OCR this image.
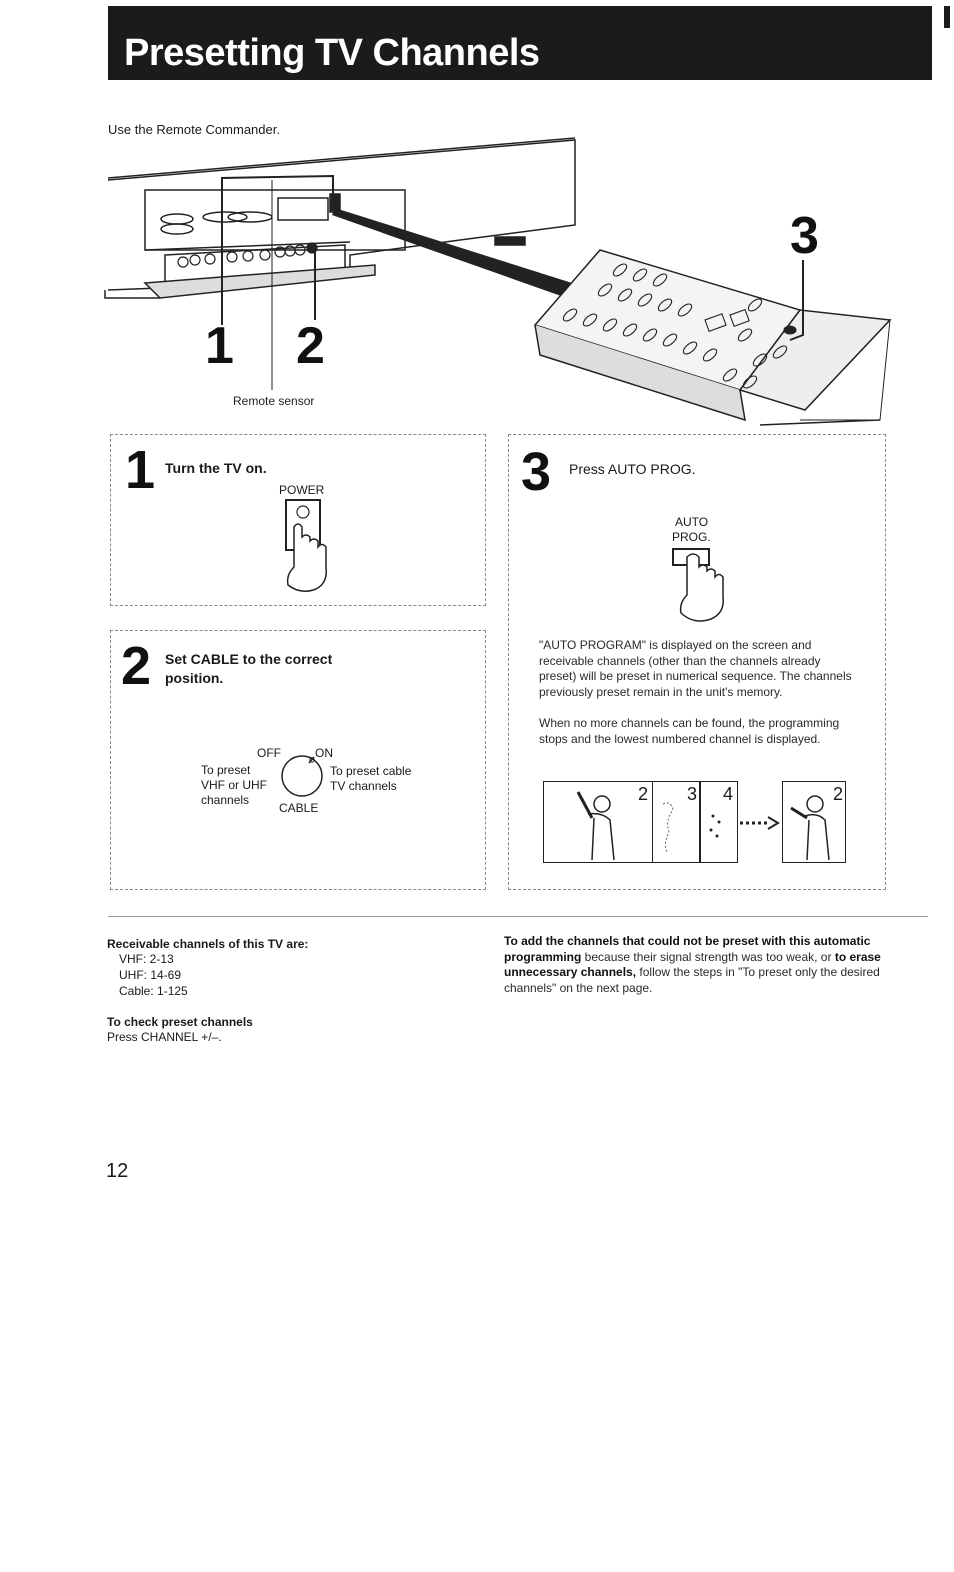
Presetting TV Channels
Use the Remote Commander.
1 2
3
Remote sensor
1 Turn the TV on.
POWER
2 Set CABLE to the correct
position.
OFF	ON
CABLE
To preset
VHF or UHF
channels
To preset cable
TV channels
3 Press AUTO PROG.
AUTO
PROG.
"AUTO PROGRAM" is displayed on the screen and receivable channels (other than the channels already preset) will be preset in numerical sequence. The channels previously preset remain in the unit's memory.
When no more channels can be found, the programming stops and the lowest numbered channel is displayed.
2 3 4	2
Receivable channels of this TV are:
VHF: 2-13
UHF: 14-69
Cable: 1-125
To check preset channels
Press CHANNEL +/–.
To add the channels that could not be preset with this automatic programming because their signal strength was too weak, or to erase unnecessary channels, follow the steps in "To preset only the desired channels" on the next page.
12
